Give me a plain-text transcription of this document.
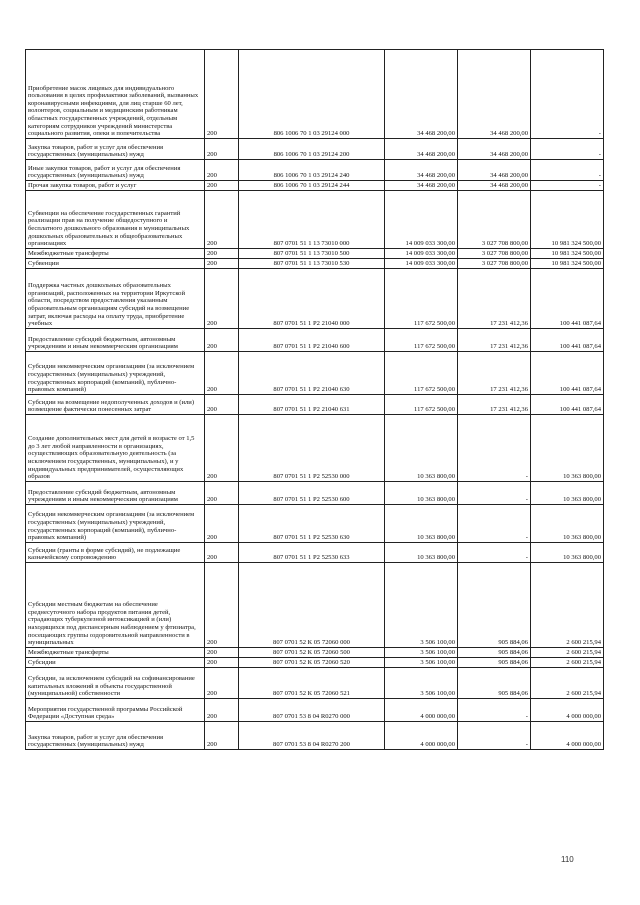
Приобретение масок лицевых для индивидуального пользования в целях профилактики заболеваний, вызванных коронавирусными инфекциями, для лиц старше 60 лет, волонтеров, социальным и медицинским работникам областных государственных учреждений, отдельным категориям сотрудников учреждений министерства социального развития, опеки и попечительства	200	806 1006 70 1 03 29124 000	34 468 200,00	34 468 200,00	-
Закупка товаров, работ и услуг для обеспечения государственных (муниципальных) нужд	200	806 1006 70 1 03 29124 200	34 468 200,00	34 468 200,00	-
Иные закупки товаров, работ и услуг для обеспечения государственных (муниципальных) нужд	200	806 1006 70 1 03 29124 240	34 468 200,00	34 468 200,00	-
Прочая закупка товаров, работ и услуг	200	806 1006 70 1 03 29124 244	34 468 200,00	34 468 200,00	-
Субвенции на обеспечение государственных гарантий реализации прав на получение общедоступного и бесплатного дошкольного образования в муниципальных дошкольных образовательных и общеобразовательных организациях	200	807 0701 51 1 13 73010 000	14 009 033 300,00	3 027 708 800,00	10 981 324 500,00
Межбюджетные трансферты	200	807 0701 51 1 13 73010 500	14 009 033 300,00	3 027 708 800,00	10 981 324 500,00
Субвенции	200	807 0701 51 1 13 73010 530	14 009 033 300,00	3 027 708 800,00	10 981 324 500,00
Поддержка частных дошкольных образовательных организаций, расположенных на территории Иркутской области, посредством предоставления указанным образовательным организациям субсидий на возмещение затрат, включая расходы на оплату труда, приобретение учебных	200	807 0701 51 1 P2 21040 000	117 672 500,00	17 231 412,36	100 441 087,64
Предоставление субсидий бюджетным, автономным учреждениям и иным некоммерческим организациям	200	807 0701 51 1 P2 21040 600	117 672 500,00	17 231 412,36	100 441 087,64
Субсидии некоммерческим организациям (за исключением государственных (муниципальных) учреждений, государственных корпораций (компаний), публично-правовых компаний)	200	807 0701 51 1 P2 21040 630	117 672 500,00	17 231 412,36	100 441 087,64
Субсидии на возмещение недополученных доходов и (или) возмещение фактически понесенных затрат	200	807 0701 51 1 P2 21040 631	117 672 500,00	17 231 412,36	100 441 087,64
Создание дополнительных мест для детей в возрасте от 1,5 до 3 лет любой направленности в организациях, осуществляющих образовательную деятельность (за исключением государственных, муниципальных), и у индивидуальных предпринимателей, осуществляющих образов	200	807 0701 51 1 P2 52530 000	10 363 800,00	-	10 363 800,00
Предоставление субсидий бюджетным, автономным учреждениям и иным некоммерческим организациям	200	807 0701 51 1 P2 52530 600	10 363 800,00	-	10 363 800,00
Субсидии некоммерческим организациям (за исключением государственных (муниципальных) учреждений, государственных корпораций (компаний), публично-правовых компаний)	200	807 0701 51 1 P2 52530 630	10 363 800,00	-	10 363 800,00
Субсидии (гранты в форме субсидий), не подлежащие казначейскому сопровождению	200	807 0701 51 1 P2 52530 633	10 363 800,00	-	10 363 800,00
Субсидии местным бюджетам на обеспечение среднесуточного набора продуктов питания детей, страдающих туберкулезной интоксикацией и (или) находящихся под диспансерным наблюдением у фтизиатра, посещающих группы оздоровительной направленности в муниципальных	200	807 0701 52 К 05 72060 000	3 506 100,00	905 884,06	2 600 215,94
Межбюджетные трансферты	200	807 0701 52 К 05 72060 500	3 506 100,00	905 884,06	2 600 215,94
Субсидии	200	807 0701 52 К 05 72060 520	3 506 100,00	905 884,06	2 600 215,94
Субсидии, за исключением субсидий на софинансирование капитальных вложений в объекты государственной (муниципальной) собственности	200	807 0701 52 К 05 72060 521	3 506 100,00	905 884,06	2 600 215,94
Мероприятия государственной программы Российской Федерации «Доступная среда»	200	807 0701 53 8 04 R0270 000	4 000 000,00	-	4 000 000,00
Закупка товаров, работ и услуг для обеспечения государственных (муниципальных) нужд	200	807 0701 53 8 04 R0270 200	4 000 000,00	-	4 000 000,00
110
